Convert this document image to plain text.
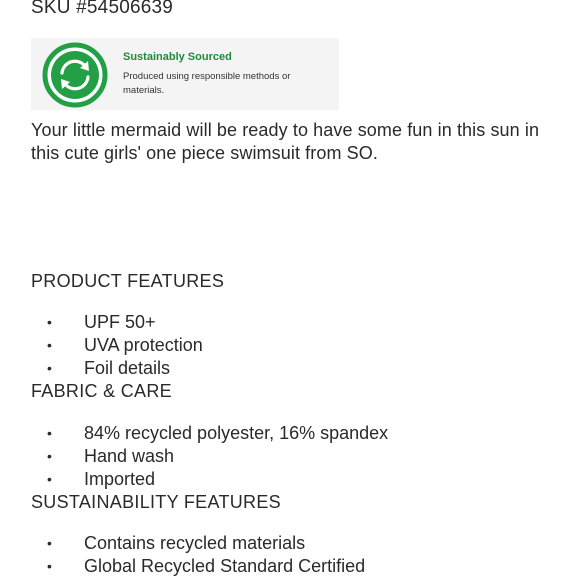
SKU #54506639
Sustainably Sourced
Produced using responsible methods or materials.
Your little mermaid will be ready to have some fun in this sun in this cute girls' one piece swimsuit from SO.
PRODUCT FEATURES
• UPF 50+
• UVA protection
• Foil details
FABRIC & CARE
• 84% recycled polyester, 16% spandex
• Hand wash
• Imported
SUSTAINABILITY FEATURES
• Contains recycled materials
• Global Recycled Standard Certified
